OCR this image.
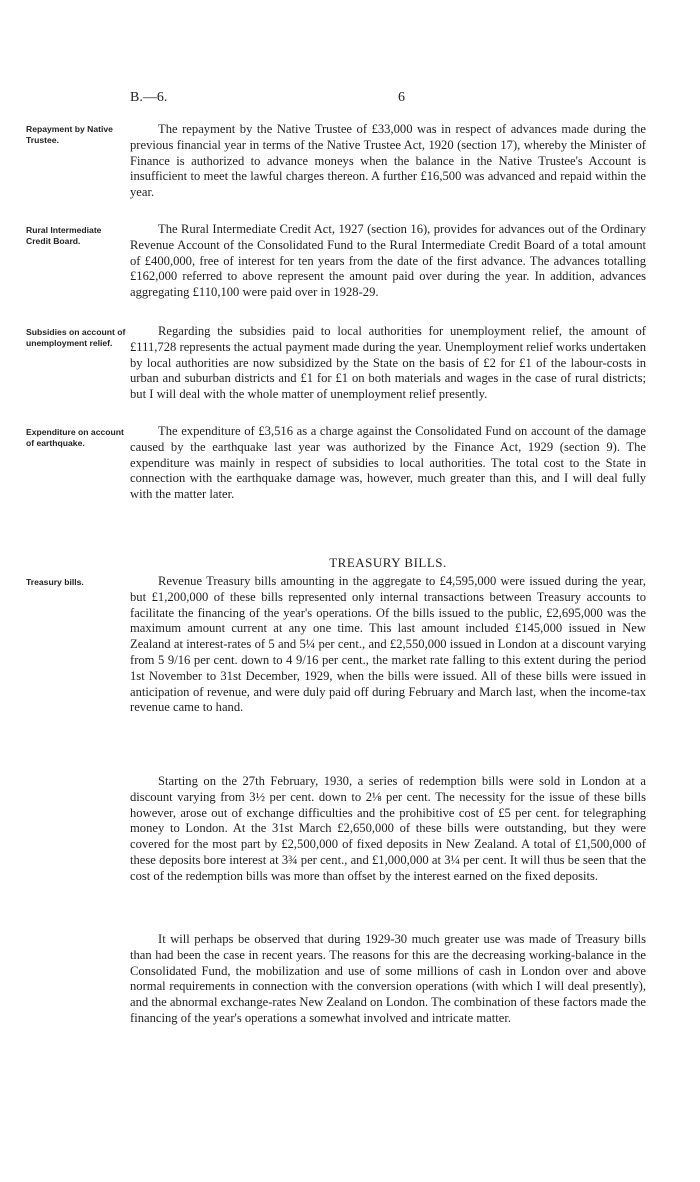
B.—6.	6
Repayment by Native Trustee.

The repayment by the Native Trustee of £33,000 was in respect of advances made during the previous financial year in terms of the Native Trustee Act, 1920 (section 17), whereby the Minister of Finance is authorized to advance moneys when the balance in the Native Trustee's Account is insufficient to meet the lawful charges thereon. A further £16,500 was advanced and repaid within the year.

Rural Intermediate Credit Board.

The Rural Intermediate Credit Act, 1927 (section 16), provides for advances out of the Ordinary Revenue Account of the Consolidated Fund to the Rural Intermediate Credit Board of a total amount of £400,000, free of interest for ten years from the date of the first advance. The advances totalling £162,000 referred to above represent the amount paid over during the year. In addition, advances aggregating £110,100 were paid over in 1928-29.

Subsidies on account of unemployment relief.

Regarding the subsidies paid to local authorities for unemployment relief, the amount of £111,728 represents the actual payment made during the year. Unemployment relief works undertaken by local authorities are now subsidized by the State on the basis of £2 for £1 of the labour-costs in urban and suburban districts and £1 for £1 on both materials and wages in the case of rural districts; but I will deal with the whole matter of unemployment relief presently.

Expenditure on account of earthquake.

The expenditure of £3,516 as a charge against the Consolidated Fund on account of the damage caused by the earthquake last year was authorized by the Finance Act, 1929 (section 9). The expenditure was mainly in respect of subsidies to local authorities. The total cost to the State in connection with the earthquake damage was, however, much greater than this, and I will deal fully with the matter later.

TREASURY BILLS.
Treasury bills.	Revenue Treasury bills amounting in the aggregate to £4,595,000 were issued during the year, but £1,200,000 of these bills represented only internal transactions between Treasury accounts to facilitate the financing of the year's operations. Of the bills issued to the public, £2,695,000 was the maximum amount current at any one time. This last amount included £145,000 issued in New Zealand at interest-rates of 5 and 5¼ per cent., and £2,550,000 issued in London at a discount varying from 5 9/16 per cent. down to 4 9/16 per cent., the market rate falling to this extent during the period 1st November to 31st December, 1929, when the bills were issued. All of these bills were issued in anticipation of revenue, and were duly paid off during February and March last, when the income-tax revenue came to hand.

Starting on the 27th February, 1930, a series of redemption bills were sold in London at a discount varying from 3½ per cent. down to 2⅛ per cent. The necessity for the issue of these bills however, arose out of exchange difficulties and the prohibitive cost of £5 per cent. for telegraphing money to London. At the 31st March £2,650,000 of these bills were outstanding, but they were covered for the most part by £2,500,000 of fixed deposits in New Zealand. A total of £1,500,000 of these deposits bore interest at 3¾ per cent., and £1,000,000 at 3¼ per cent. It will thus be seen that the cost of the redemption bills was more than offset by the interest earned on the fixed deposits.

It will perhaps be observed that during 1929-30 much greater use was made of Treasury bills than had been the case in recent years. The reasons for this are the decreasing working-balance in the Consolidated Fund, the mobilization and use of some millions of cash in London over and above normal requirements in connection with the conversion operations (with which I will deal presently), and the abnormal exchange-rates New Zealand on London. The combination of these factors made the financing of the year's operations a somewhat involved and intricate matter.
